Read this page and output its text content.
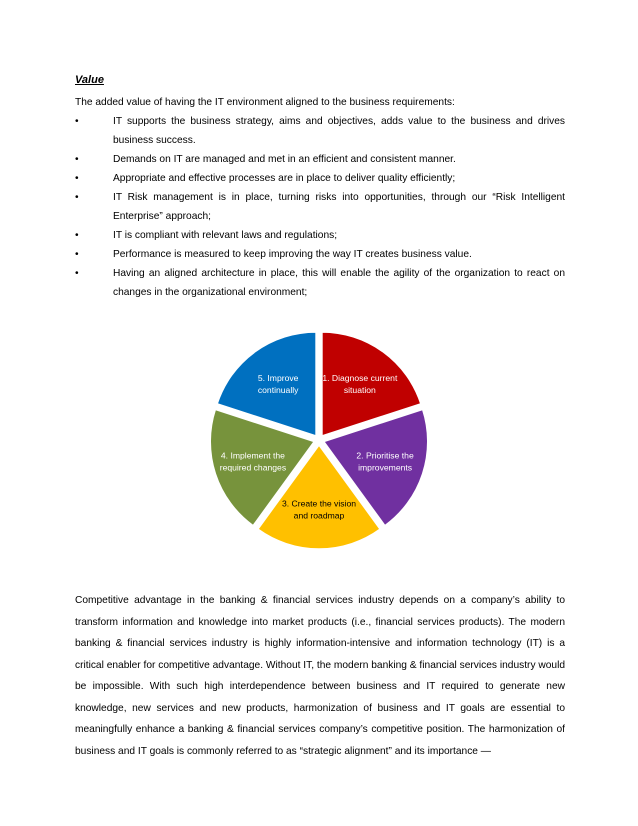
Value

The added value of having the IT environment aligned to the business requirements:

•	IT supports the business strategy, aims and objectives, adds value to the business and drives business success.
•	Demands on IT are managed and met in an efficient and consistent manner.
•	Appropriate and effective processes are in place to deliver quality efficiently;
•	IT Risk management is in place, turning risks into opportunities, through our “Risk Intelligent Enterprise” approach;
•	IT is compliant with relevant laws and regulations;
•	Performance is measured to keep improving the way IT creates business value.
•	Having an aligned architecture in place, this will enable the agility of the organization to react on changes in the organizational environment;
1. Diagnose current situation
2. Prioritise the improvements
3. Create the vision and roadmap
4. Implement the required changes
5. Improve continually

Competitive advantage in the banking & financial services industry depends on a company’s ability to transform information and knowledge into market products (i.e., financial services products). The modern banking & financial services industry is highly information-intensive and information technology (IT) is a critical enabler for competitive advantage. Without IT, the modern banking & financial services industry would be impossible. With such high interdependence between business and IT required to generate new knowledge, new services and new products, harmonization of business and IT goals are essential to meaningfully enhance a banking & financial services company’s competitive position. The harmonization of business and IT goals is commonly referred to as “strategic alignment” and its importance —
